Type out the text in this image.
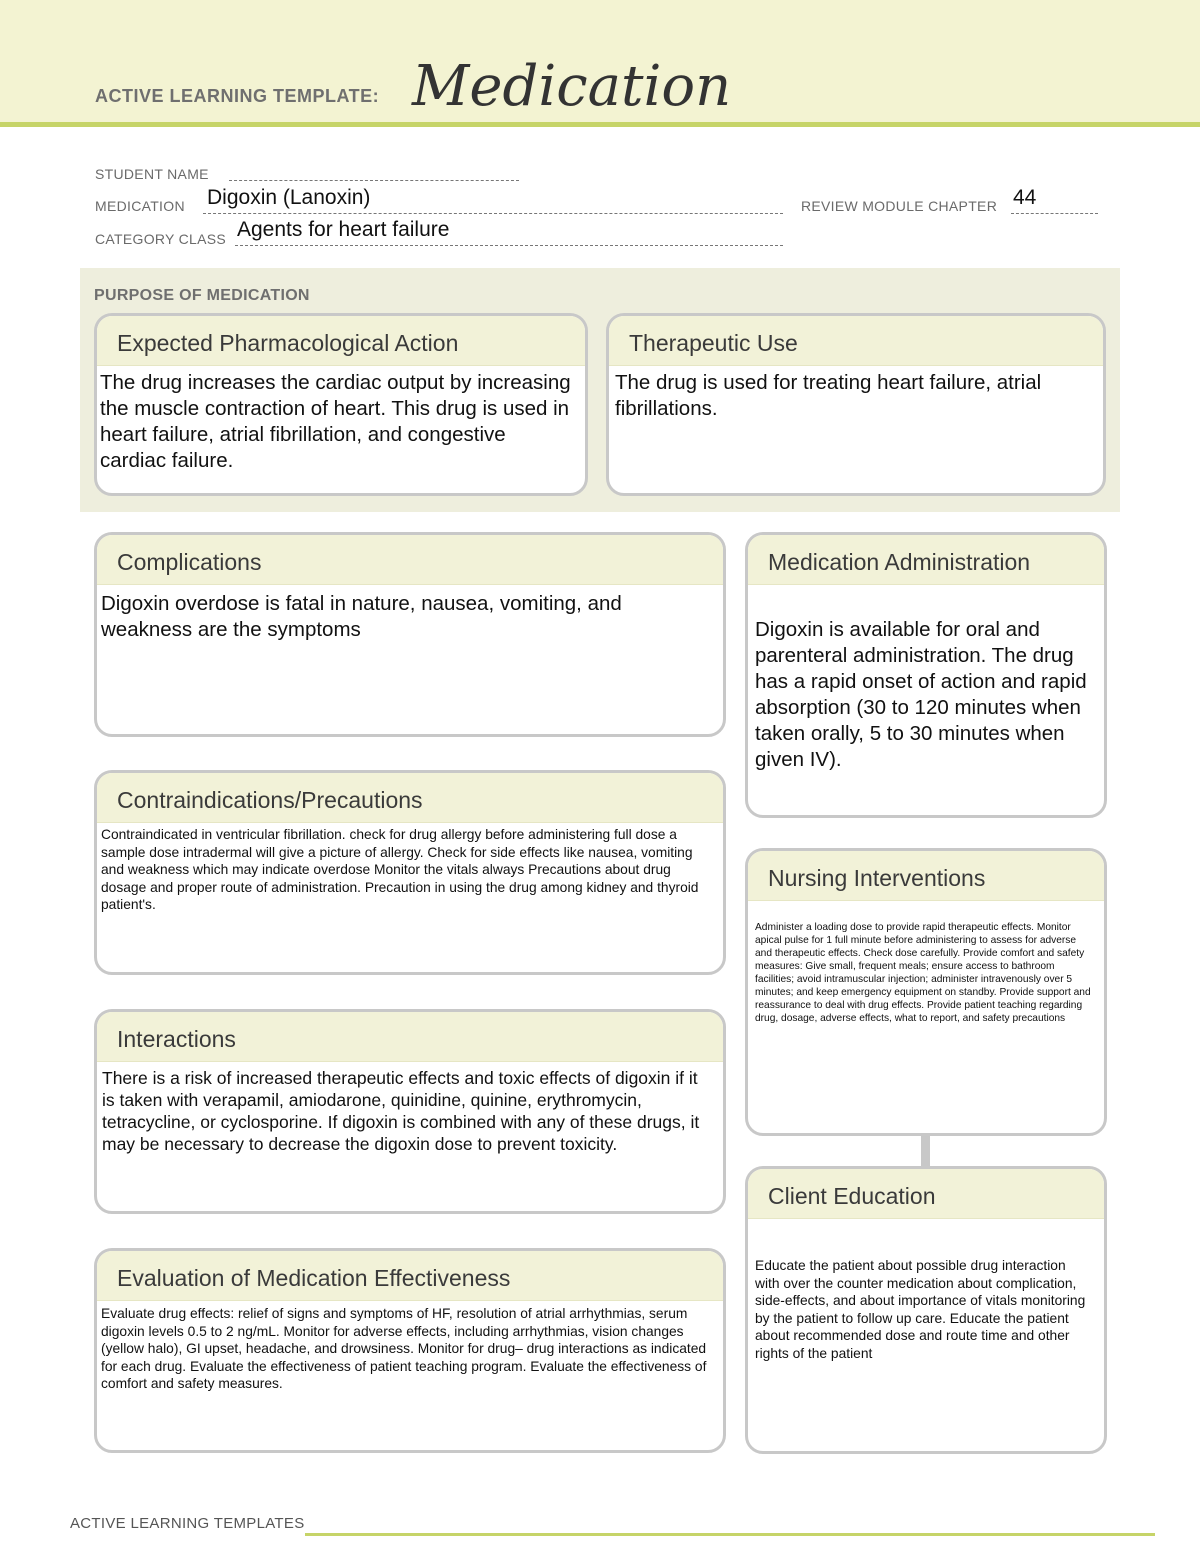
ACTIVE LEARNING TEMPLATE: Medication
STUDENT NAME
MEDICATION Digoxin (Lanoxin)	REVIEW MODULE CHAPTER 44
CATEGORY CLASS Agents for heart failure
PURPOSE OF MEDICATION
Expected Pharmacological Action
The drug increases the cardiac output by increasing the muscle contraction of heart. This drug is used in heart failure, atrial fibrillation, and congestive cardiac failure.
Therapeutic Use
The drug is used for treating heart failure, atrial fibrillations.
Complications
Digoxin overdose is fatal in nature, nausea, vomiting, and weakness are the symptoms
Contraindications/Precautions
Contraindicated in ventricular fibrillation. check for drug allergy before administering full dose a sample dose intradermal will give a picture of allergy. Check for side effects like nausea, vomiting and weakness which may indicate overdose Monitor the vitals always Precautions about drug dosage and proper route of administration. Precaution in using the drug among kidney and thyroid patient's.
Interactions
There is a risk of increased therapeutic effects and toxic effects of digoxin if it is taken with verapamil, amiodarone, quinidine, quinine, erythromycin, tetracycline, or cyclosporine. If digoxin is combined with any of these drugs, it may be necessary to decrease the digoxin dose to prevent toxicity.
Evaluation of Medication Effectiveness
Evaluate drug effects: relief of signs and symptoms of HF, resolution of atrial arrhythmias, serum digoxin levels 0.5 to 2 ng/mL. Monitor for adverse effects, including arrhythmias, vision changes (yellow halo), GI upset, headache, and drowsiness. Monitor for drug– drug interactions as indicated for each drug. Evaluate the effectiveness of patient teaching program. Evaluate the effectiveness of comfort and safety measures.
Medication Administration
Digoxin is available for oral and parenteral administration. The drug has a rapid onset of action and rapid absorption (30 to 120 minutes when taken orally, 5 to 30 minutes when given IV).
Nursing Interventions
Administer a loading dose to provide rapid therapeutic effects. Monitor apical pulse for 1 full minute before administering to assess for adverse and therapeutic effects. Check dose carefully. Provide comfort and safety measures: Give small, frequent meals; ensure access to bathroom facilities; avoid intramuscular injection; administer intravenously over 5 minutes; and keep emergency equipment on standby. Provide support and reassurance to deal with drug effects. Provide patient teaching regarding drug, dosage, adverse effects, what to report, and safety precautions
Client Education
Educate the patient about possible drug interaction with over the counter medication about complication, side-effects, and about importance of vitals monitoring by the patient to follow up care. Educate the patient about recommended dose and route time and other rights of the patient
ACTIVE LEARNING TEMPLATES
